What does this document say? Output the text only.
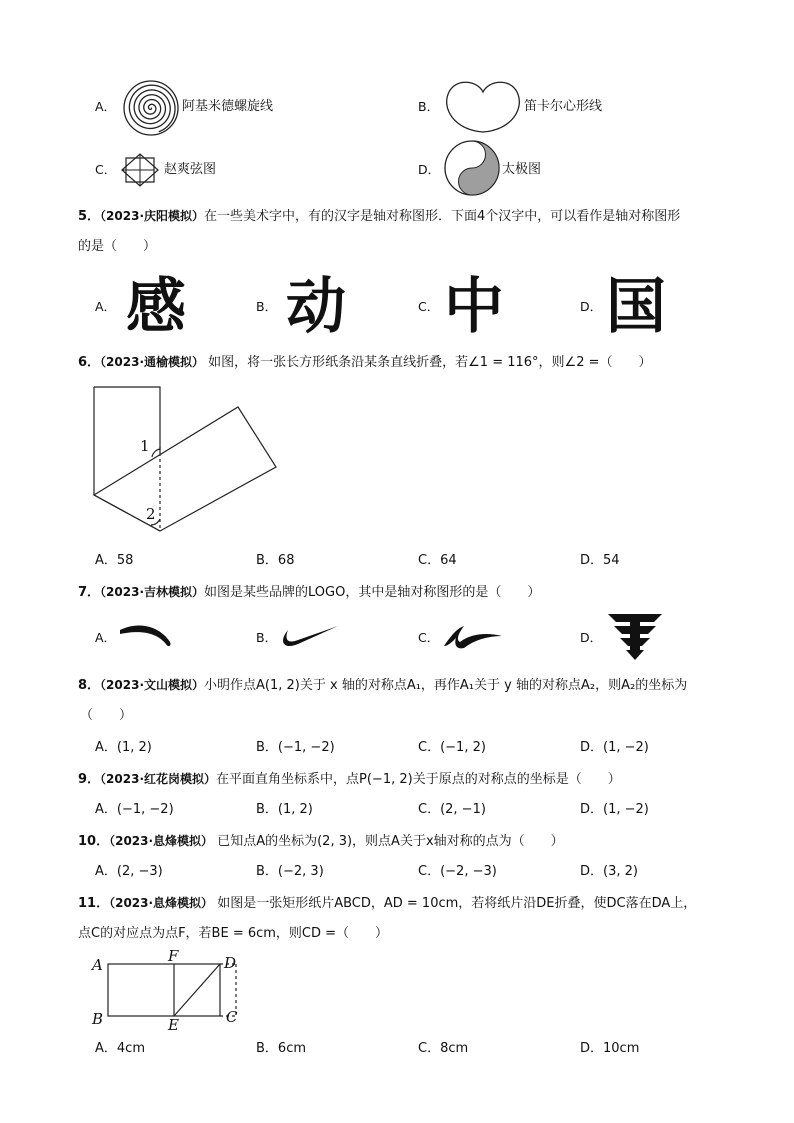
A．	阿基米德螺旋线	B．	笛卡尔心形线
C．	赵爽弦图	D．	太极图
5．（2023·庆阳模拟）在一些美术字中，有的汉字是轴对称图形．下面4个汉字中，可以看作是轴对称图形
的是（　　）
A． 感	B． 动	C． 中	D． 国
6．（2023·通榆模拟） 如图，将一张长方形纸条沿某条直线折叠，若∠1 = 116°，则∠2 =（　　）
1
2
A．58	B．68	C．64	D．54
7．（2023·吉林模拟）如图是某些品牌的LOGO，其中是轴对称图形的是（　　）
A．	B．	C．	D．
8．（2023·文山模拟）小明作点A(1, 2)关于 x 轴的对称点A₁，再作A₁关于 y 轴的对称点A₂，则A₂的坐标为
（　　）
A．(1, 2)	B．(−1, −2)	C．(−1, 2)	D．(1, −2)
9．（2023·红花岗模拟）在平面直角坐标系中，点P(−1, 2)关于原点的对称点的坐标是（　　）
A．(−1, −2)	B．(1, 2)	C．(2, −1)	D．(1, −2)
10．（2023·息烽模拟） 已知点A的坐标为(2, 3)，则点A关于x轴对称的点为（　　）
A．(2, −3)	B．(−2, 3)	C．(−2, −3)	D．(3, 2)
11．（2023·息烽模拟） 如图是一张矩形纸片ABCD，AD = 10cm，若将纸片沿DE折叠，使DC落在DA上，
点C的对应点为点F，若BE = 6cm，则CD =（　　）
A
B	C
D
E
F
A．4cm	B．6cm	C．8cm	D．10cm
